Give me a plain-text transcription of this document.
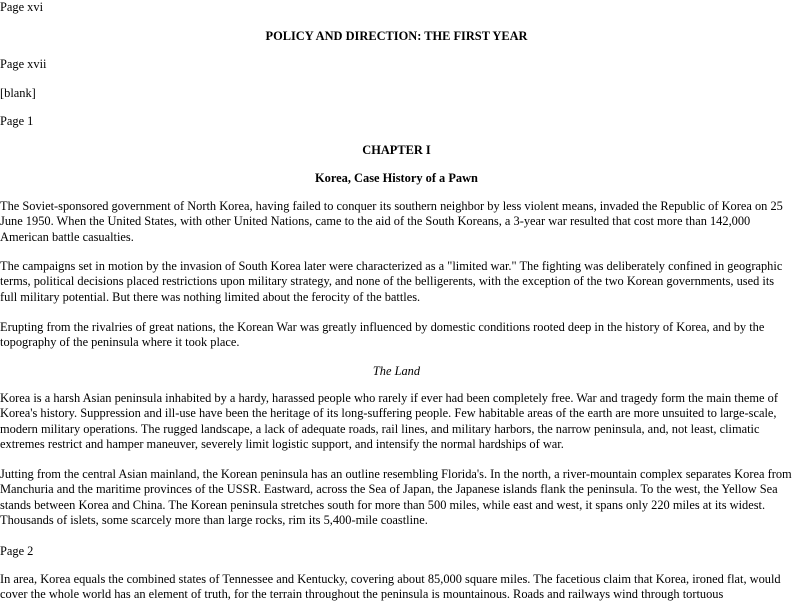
Page xvi

POLICY AND DIRECTION: THE FIRST YEAR

Page xvii

[blank]

Page 1

CHAPTER I

Korea, Case History of a Pawn

The Soviet-sponsored government of North Korea, having failed to conquer its southern neighbor by less violent means, invaded the Republic of Korea on 25 June 1950. When the United States, with other United Nations, came to the aid of the South Koreans, a 3-year war resulted that cost more than 142,000 American battle casualties.

The campaigns set in motion by the invasion of South Korea later were characterized as a "limited war." The fighting was deliberately confined in geographic terms, political decisions placed restrictions upon military strategy, and none of the belligerents, with the exception of the two Korean governments, used its full military potential. But there was nothing limited about the ferocity of the battles.

Erupting from the rivalries of great nations, the Korean War was greatly influenced by domestic conditions rooted deep in the history of Korea, and by the topography of the peninsula where it took place.

The Land

Korea is a harsh Asian peninsula inhabited by a hardy, harassed people who rarely if ever had been completely free. War and tragedy form the main theme of Korea's history. Suppression and ill-use have been the heritage of its long-suffering people. Few habitable areas of the earth are more unsuited to large-scale, modern military operations. The rugged landscape, a lack of adequate roads, rail lines, and military harbors, the narrow peninsula, and, not least, climatic extremes restrict and hamper maneuver, severely limit logistic support, and intensify the normal hardships of war.

Jutting from the central Asian mainland, the Korean peninsula has an outline resembling Florida's. In the north, a river-mountain complex separates Korea from Manchuria and the maritime provinces of the USSR. Eastward, across the Sea of Japan, the Japanese islands flank the peninsula. To the west, the Yellow Sea stands between Korea and China. The Korean peninsula stretches south for more than 500 miles, while east and west, it spans only 220 miles at its widest. Thousands of islets, some scarcely more than large rocks, rim its 5,400-mile coastline.

Page 2

In area, Korea equals the combined states of Tennessee and Kentucky, covering about 85,000 square miles. The facetious claim that Korea, ironed flat, would cover the whole world has an element of truth, for the terrain throughout the peninsula is mountainous. Roads and railways wind through tortuous
